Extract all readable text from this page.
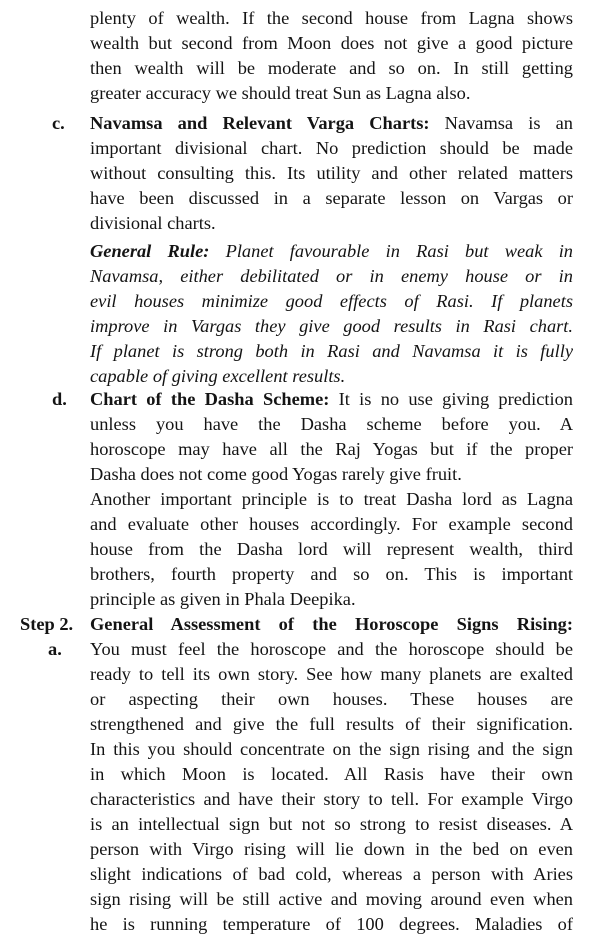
plenty of wealth. If the second house from Lagna shows
wealth but second from Moon does not give a good picture
then wealth will be moderate and so on. In still getting
greater accuracy we should treat Sun as Lagna also.
Navamsa and Relevant Varga Charts: Navamsa is an
important divisional chart. No prediction should be made
without consulting this. Its utility and other related matters
have been discussed in a separate lesson on Vargas or
divisional charts.
General Rule: Planet favourable in Rasi but weak in
Navamsa, either debilitated or in enemy house or in
evil houses minimize good effects of Rasi. If planets
improve in Vargas they give good results in Rasi chart.
If planet is strong both in Rasi and Navamsa it is fully
capable of giving excellent results.
Chart of the Dasha Scheme: It is no use giving prediction
unless you have the Dasha scheme before you. A
horoscope may have all the Raj Yogas but if the proper
Dasha does not come good Yogas rarely give fruit.
Another important principle is to treat Dasha lord as Lagna
and evaluate other houses accordingly. For example second
house from the Dasha lord will represent wealth, third
brothers, fourth property and so on. This is important
principle as given in Phala Deepika.
General Assessment of the Horoscope Signs Rising:
You must feel the horoscope and the horoscope should be
ready to tell its own story. See how many planets are exalted
or aspecting their own houses. These houses are
strengthened and give the full results of their signification.
In this you should concentrate on the sign rising and the sign
in which Moon is located. All Rasis have their own
characteristics and have their story to tell. For example Virgo
is an intellectual sign but not so strong to resist diseases. A
person with Virgo rising will lie down in the bed on even
slight indications of bad cold, whereas a person with Aries
sign rising will be still active and moving around even when
he is running temperature of 100 degrees. Maladies of
c.
d.
a.
Step 2.
